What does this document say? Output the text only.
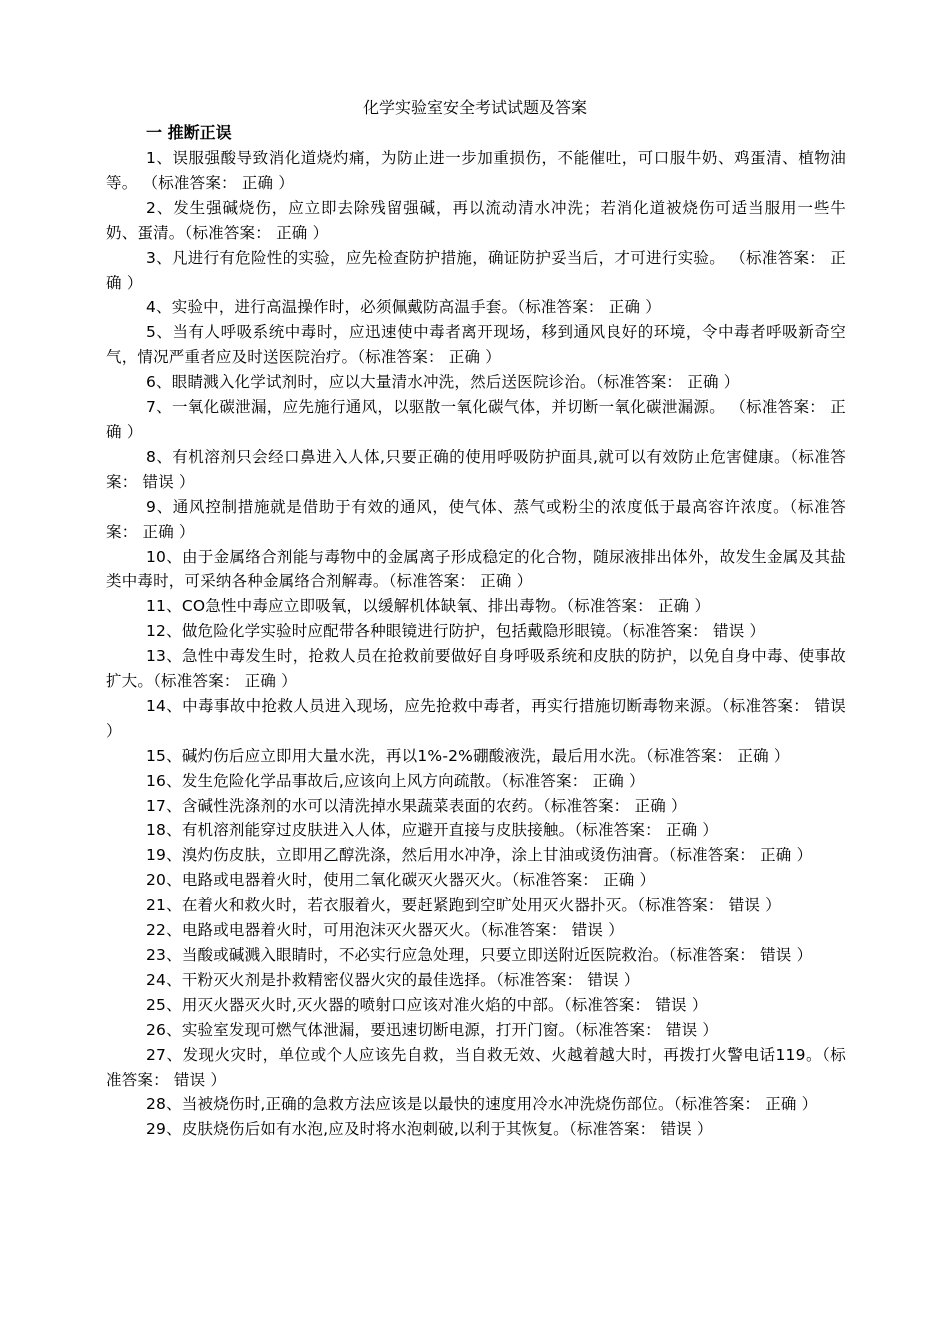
化学实验室安全考试试题及答案
一 推断正误

1、误服强酸导致消化道烧灼痛，为防止进一步加重损伤，不能催吐，可口服牛奶、鸡蛋清、植物油等。 （标准答案： 正确 ）

2、发生强碱烧伤，应立即去除残留强碱，再以流动清水冲洗；若消化道被烧伤可适当服用一些牛奶、蛋清。（标准答案： 正确 ）

3、凡进行有危险性的实验，应先检查防护措施，确证防护妥当后，才可进行实验。 （标准答案： 正确 ）

4、实验中，进行高温操作时，必须佩戴防高温手套。（标准答案： 正确 ）

5、当有人呼吸系统中毒时，应迅速使中毒者离开现场，移到通风良好的环境，令中毒者呼吸新奇空气，情况严重者应及时送医院治疗。（标准答案： 正确 ）

6、眼睛溅入化学试剂时，应以大量清水冲洗，然后送医院诊治。（标准答案： 正确 ）

7、一氧化碳泄漏，应先施行通风，以驱散一氧化碳气体，并切断一氧化碳泄漏源。 （标准答案： 正确 ）

8、有机溶剂只会经口鼻进入人体,只要正确的使用呼吸防护面具,就可以有效防止危害健康。（标准答案： 错误 ）

9、通风控制措施就是借助于有效的通风，使气体、蒸气或粉尘的浓度低于最高容许浓度。（标准答案： 正确 ）

10、由于金属络合剂能与毒物中的金属离子形成稳定的化合物，随尿液排出体外，故发生金属及其盐类中毒时，可采纳各种金属络合剂解毒。（标准答案： 正确 ）

11、CO急性中毒应立即吸氧，以缓解机体缺氧、排出毒物。（标准答案： 正确 ）

12、做危险化学实验时应配带各种眼镜进行防护，包括戴隐形眼镜。（标准答案： 错误 ）

13、急性中毒发生时，抢救人员在抢救前要做好自身呼吸系统和皮肤的防护，以免自身中毒、使事故扩大。（标准答案： 正确 ）

14、中毒事故中抢救人员进入现场，应先抢救中毒者，再实行措施切断毒物来源。（标准答案： 错误 ）

15、碱灼伤后应立即用大量水洗，再以1%-2%硼酸液洗，最后用水洗。（标准答案： 正确 ）

16、发生危险化学品事故后,应该向上风方向疏散。（标准答案： 正确 ）

17、含碱性洗涤剂的水可以清洗掉水果蔬菜表面的农药。（标准答案： 正确 ）

18、有机溶剂能穿过皮肤进入人体，应避开直接与皮肤接触。（标准答案： 正确 ）

19、溴灼伤皮肤，立即用乙醇洗涤，然后用水冲净，涂上甘油或烫伤油膏。（标准答案： 正确 ）

20、电路或电器着火时，使用二氧化碳灭火器灭火。（标准答案： 正确 ）

21、在着火和救火时，若衣服着火，要赶紧跑到空旷处用灭火器扑灭。（标准答案： 错误 ）

22、电路或电器着火时，可用泡沫灭火器灭火。（标准答案： 错误 ）

23、当酸或碱溅入眼睛时，不必实行应急处理，只要立即送附近医院救治。（标准答案： 错误 ）

24、干粉灭火剂是扑救精密仪器火灾的最佳选择。（标准答案： 错误 ）

25、用灭火器灭火时,灭火器的喷射口应该对准火焰的中部。（标准答案： 错误 ）

26、实验室发现可燃气体泄漏，要迅速切断电源，打开门窗。（标准答案： 错误 ）

27、发现火灾时，单位或个人应该先自救，当自救无效、火越着越大时，再拨打火警电话119。（标准答案： 错误 ）

28、当被烧伤时,正确的急救方法应该是以最快的速度用冷水冲洗烧伤部位。（标准答案： 正确 ）

29、皮肤烧伤后如有水泡,应及时将水泡刺破,以利于其恢复。（标准答案： 错误 ）
